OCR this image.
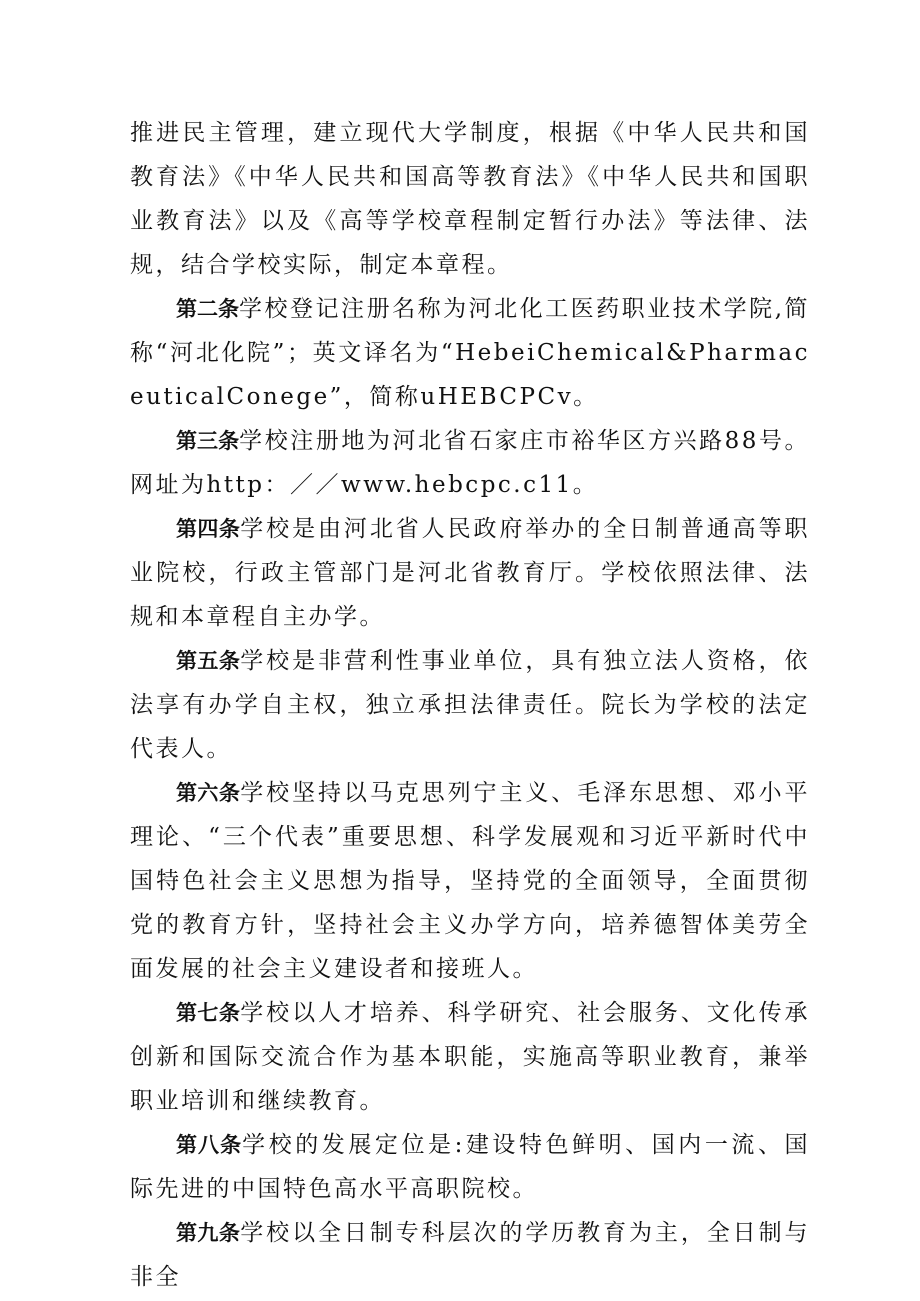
推进民主管理，建立现代大学制度，根据《中华人民共和国教育法》《中华人民共和国高等教育法》《中华人民共和国职业教育法》以及《高等学校章程制定暂行办法》等法律、法规，结合学校实际，制定本章程。

第二条学校登记注册名称为河北化工医药职业技术学院,简称“河北化院”；英文译名为“HebeiChemical&PharmaceuticalConege”，简称uHEBCPCv。

第三条学校注册地为河北省石家庄市裕华区方兴路88号。网址为http：／／www.hebcpc.c11。

第四条学校是由河北省人民政府举办的全日制普通高等职业院校，行政主管部门是河北省教育厅。学校依照法律、法规和本章程自主办学。

第五条学校是非营利性事业单位，具有独立法人资格，依法享有办学自主权，独立承担法律责任。院长为学校的法定代表人。

第六条学校坚持以马克思列宁主义、毛泽东思想、邓小平理论、“三个代表”重要思想、科学发展观和习近平新时代中国特色社会主义思想为指导，坚持党的全面领导，全面贯彻党的教育方针，坚持社会主义办学方向，培养德智体美劳全面发展的社会主义建设者和接班人。

第七条学校以人才培养、科学研究、社会服务、文化传承创新和国际交流合作为基本职能，实施高等职业教育，兼举职业培训和继续教育。

第八条学校的发展定位是:建设特色鲜明、国内一流、国际先进的中国特色高水平高职院校。

第九条学校以全日制专科层次的学历教育为主，全日制与非全
